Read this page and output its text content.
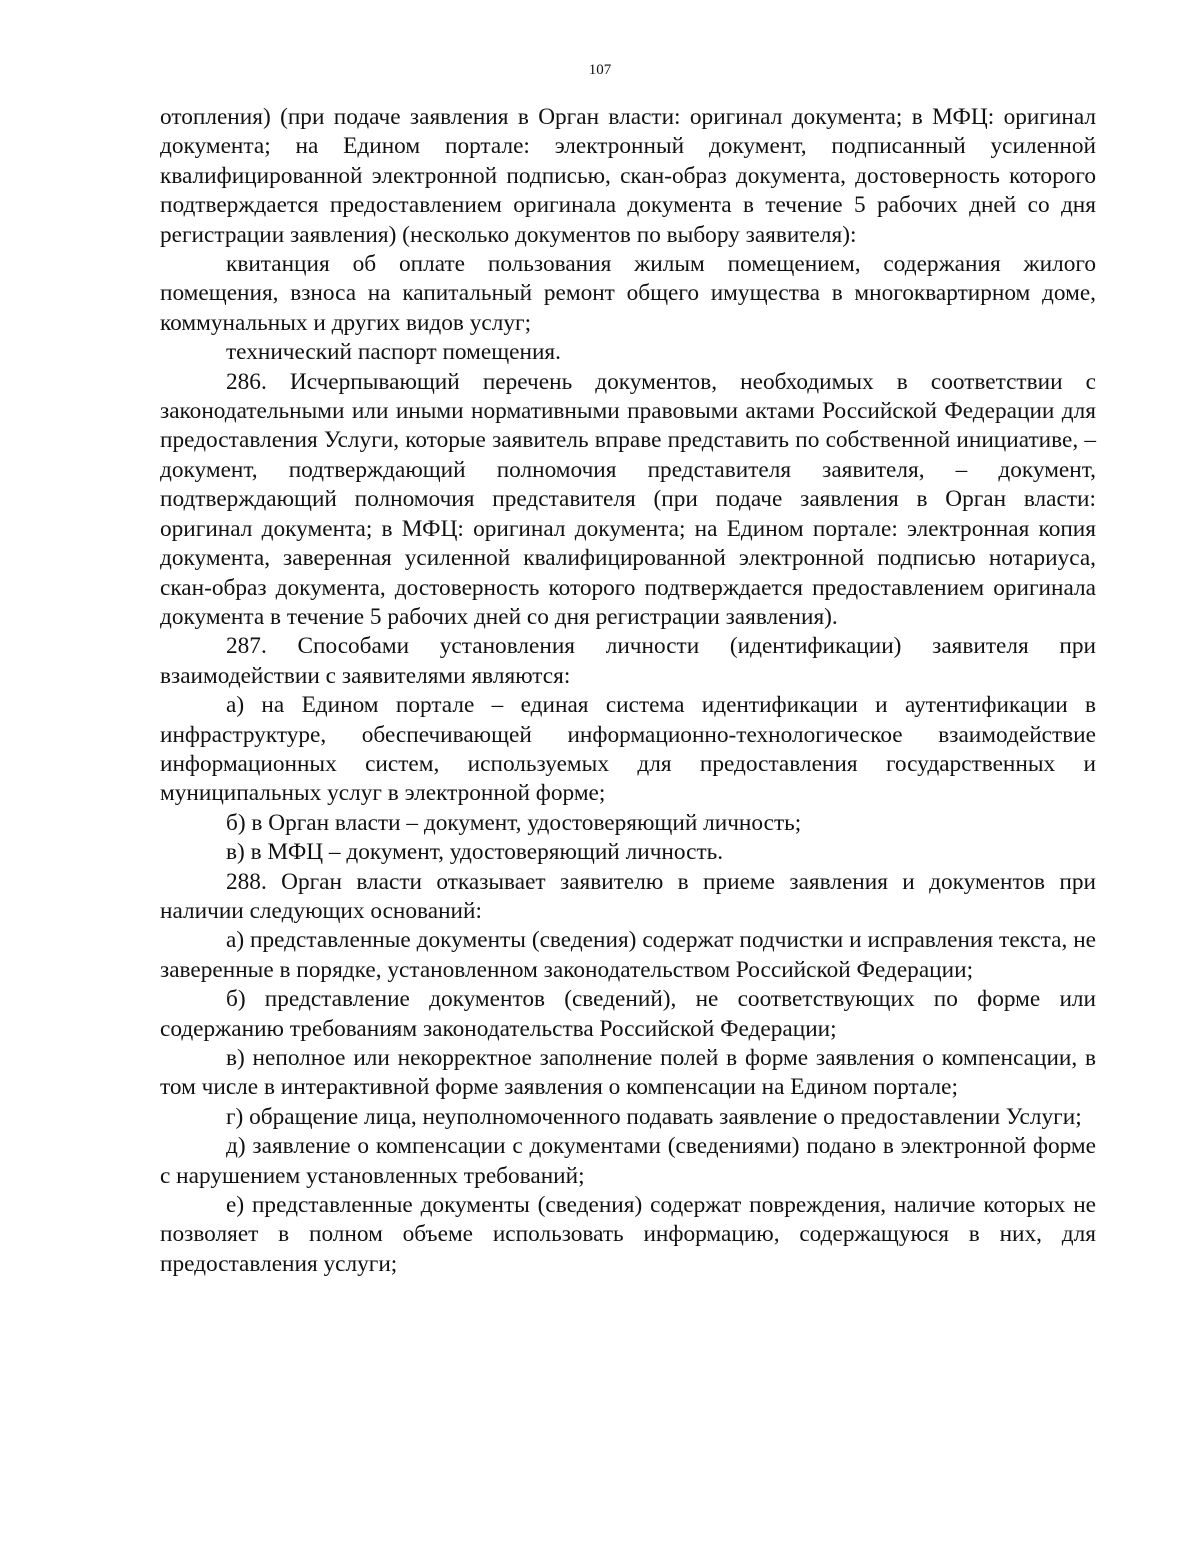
107

отопления) (при подаче заявления в Орган власти: оригинал документа; в МФЦ: оригинал документа; на Едином портале: электронный документ, подписанный усиленной квалифицированной электронной подписью, скан-образ документа, достоверность которого подтверждается предоставлением оригинала документа в течение 5 рабочих дней со дня регистрации заявления) (несколько документов по выбору заявителя):

квитанция об оплате пользования жилым помещением, содержания жилого помещения, взноса на капитальный ремонт общего имущества в многоквартирном доме, коммунальных и других видов услуг;

технический паспорт помещения.

286. Исчерпывающий перечень документов, необходимых в соответствии с законодательными или иными нормативными правовыми актами Российской Федерации для предоставления Услуги, которые заявитель вправе представить по собственной инициативе, – документ, подтверждающий полномочия представителя заявителя, – документ, подтверждающий полномочия представителя (при подаче заявления в Орган власти: оригинал документа; в МФЦ: оригинал документа; на Едином портале: электронная копия документа, заверенная усиленной квалифицированной электронной подписью нотариуса, скан-образ документа, достоверность которого подтверждается предоставлением оригинала документа в течение 5 рабочих дней со дня регистрации заявления).

287. Способами установления личности (идентификации) заявителя при взаимодействии с заявителями являются:

а) на Едином портале – единая система идентификации и аутентификации в инфраструктуре, обеспечивающей информационно-технологическое взаимодействие информационных систем, используемых для предоставления государственных и муниципальных услуг в электронной форме;

б) в Орган власти – документ, удостоверяющий личность;

в) в МФЦ – документ, удостоверяющий личность.

288. Орган власти отказывает заявителю в приеме заявления и документов при наличии следующих оснований:

а) представленные документы (сведения) содержат подчистки и исправления текста, не заверенные в порядке, установленном законодательством Российской Федерации;

б) представление документов (сведений), не соответствующих по форме или содержанию требованиям законодательства Российской Федерации;

в) неполное или некорректное заполнение полей в форме заявления о компенсации, в том числе в интерактивной форме заявления о компенсации на Едином портале;

г) обращение лица, неуполномоченного подавать заявление о предоставлении Услуги;

д) заявление о компенсации с документами (сведениями) подано в электронной форме с нарушением установленных требований;

е) представленные документы (сведения) содержат повреждения, наличие которых не позволяет в полном объеме использовать информацию, содержащуюся в них, для предоставления услуги;
